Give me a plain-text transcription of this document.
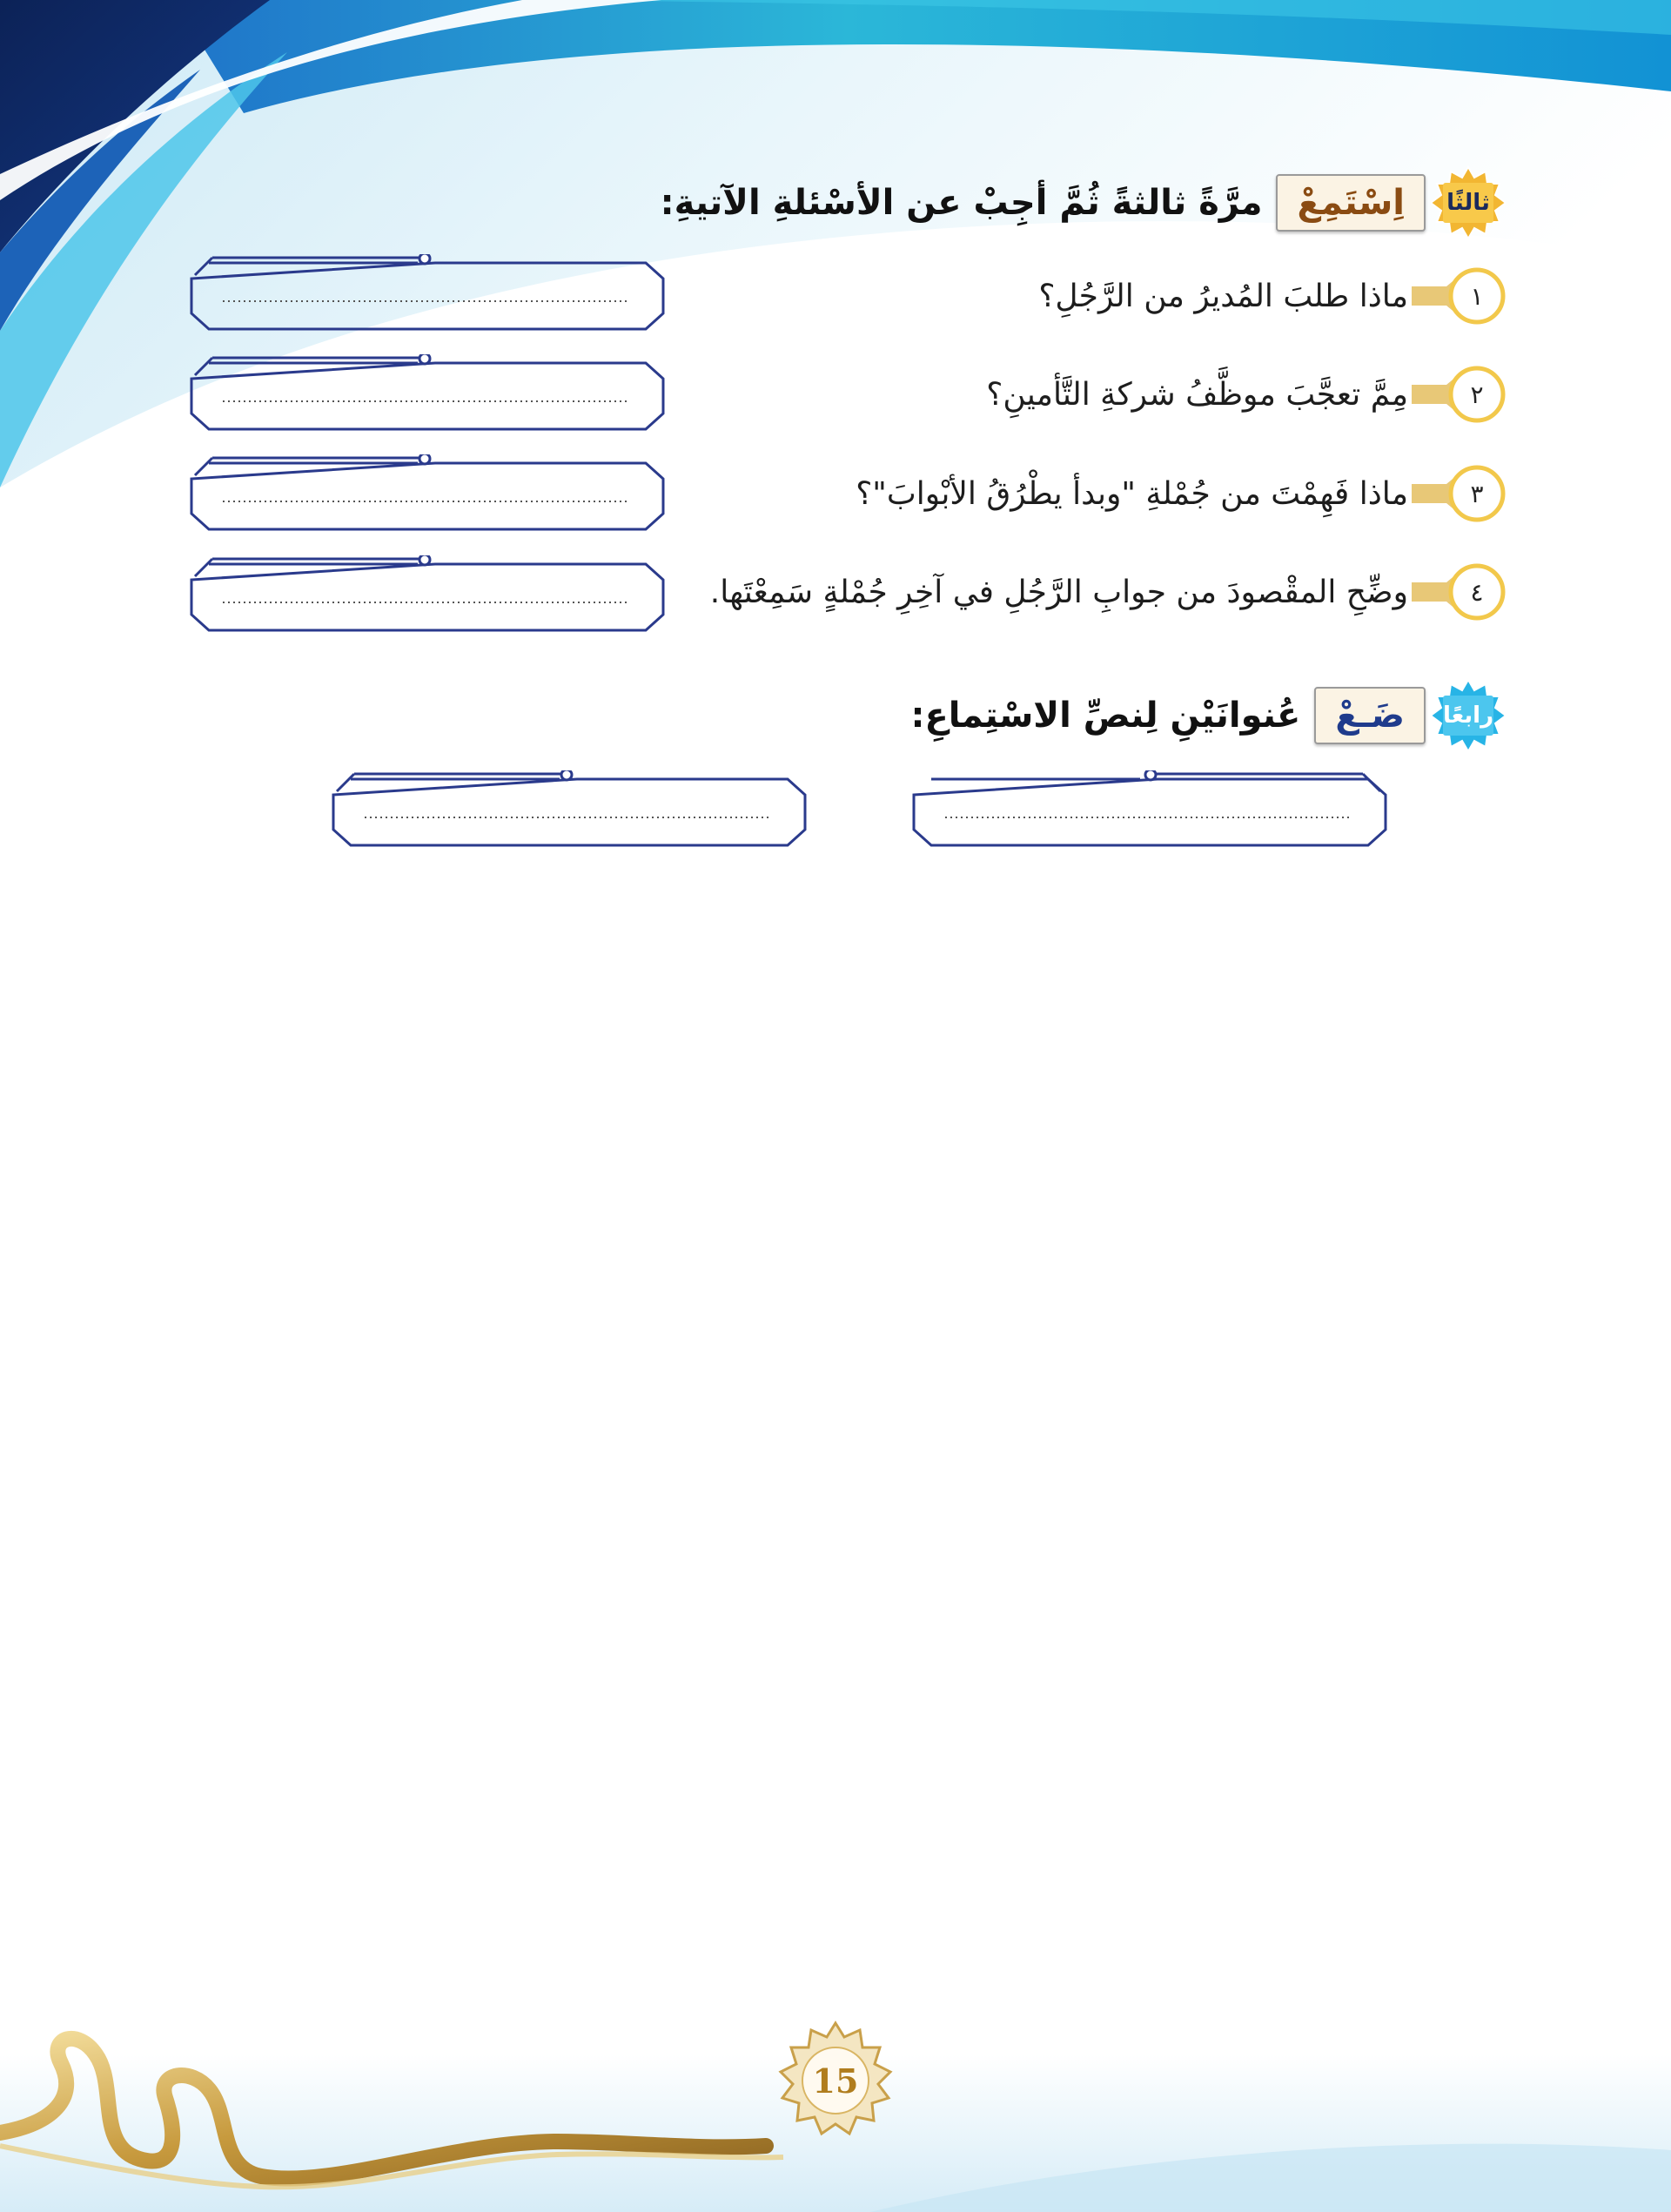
15
ثالثًا
اِسْتَمِعْ
مرَّةً ثالثةً ثُمَّ أجِبْ عن الأسْئلةِ الآتيةِ:
١
ماذا طلبَ المُديرُ من الرَّجُلِ؟
٢
مِمَّ تعجَّبَ موظَّفُ شركةِ التَّأمينِ؟
٣
ماذا فَهِمْتَ من جُمْلةِ "وبدأ يطْرُقُ الأبْوابَ"؟
٤
وضِّحِ المقْصودَ من جوابِ الرَّجُلِ في آخِرِ جُمْلةٍ سَمِعْتَها.
رابعًا
ضَـعْ
عُنوانَيْنِ لِنصِّ الاسْتِماعِ:
